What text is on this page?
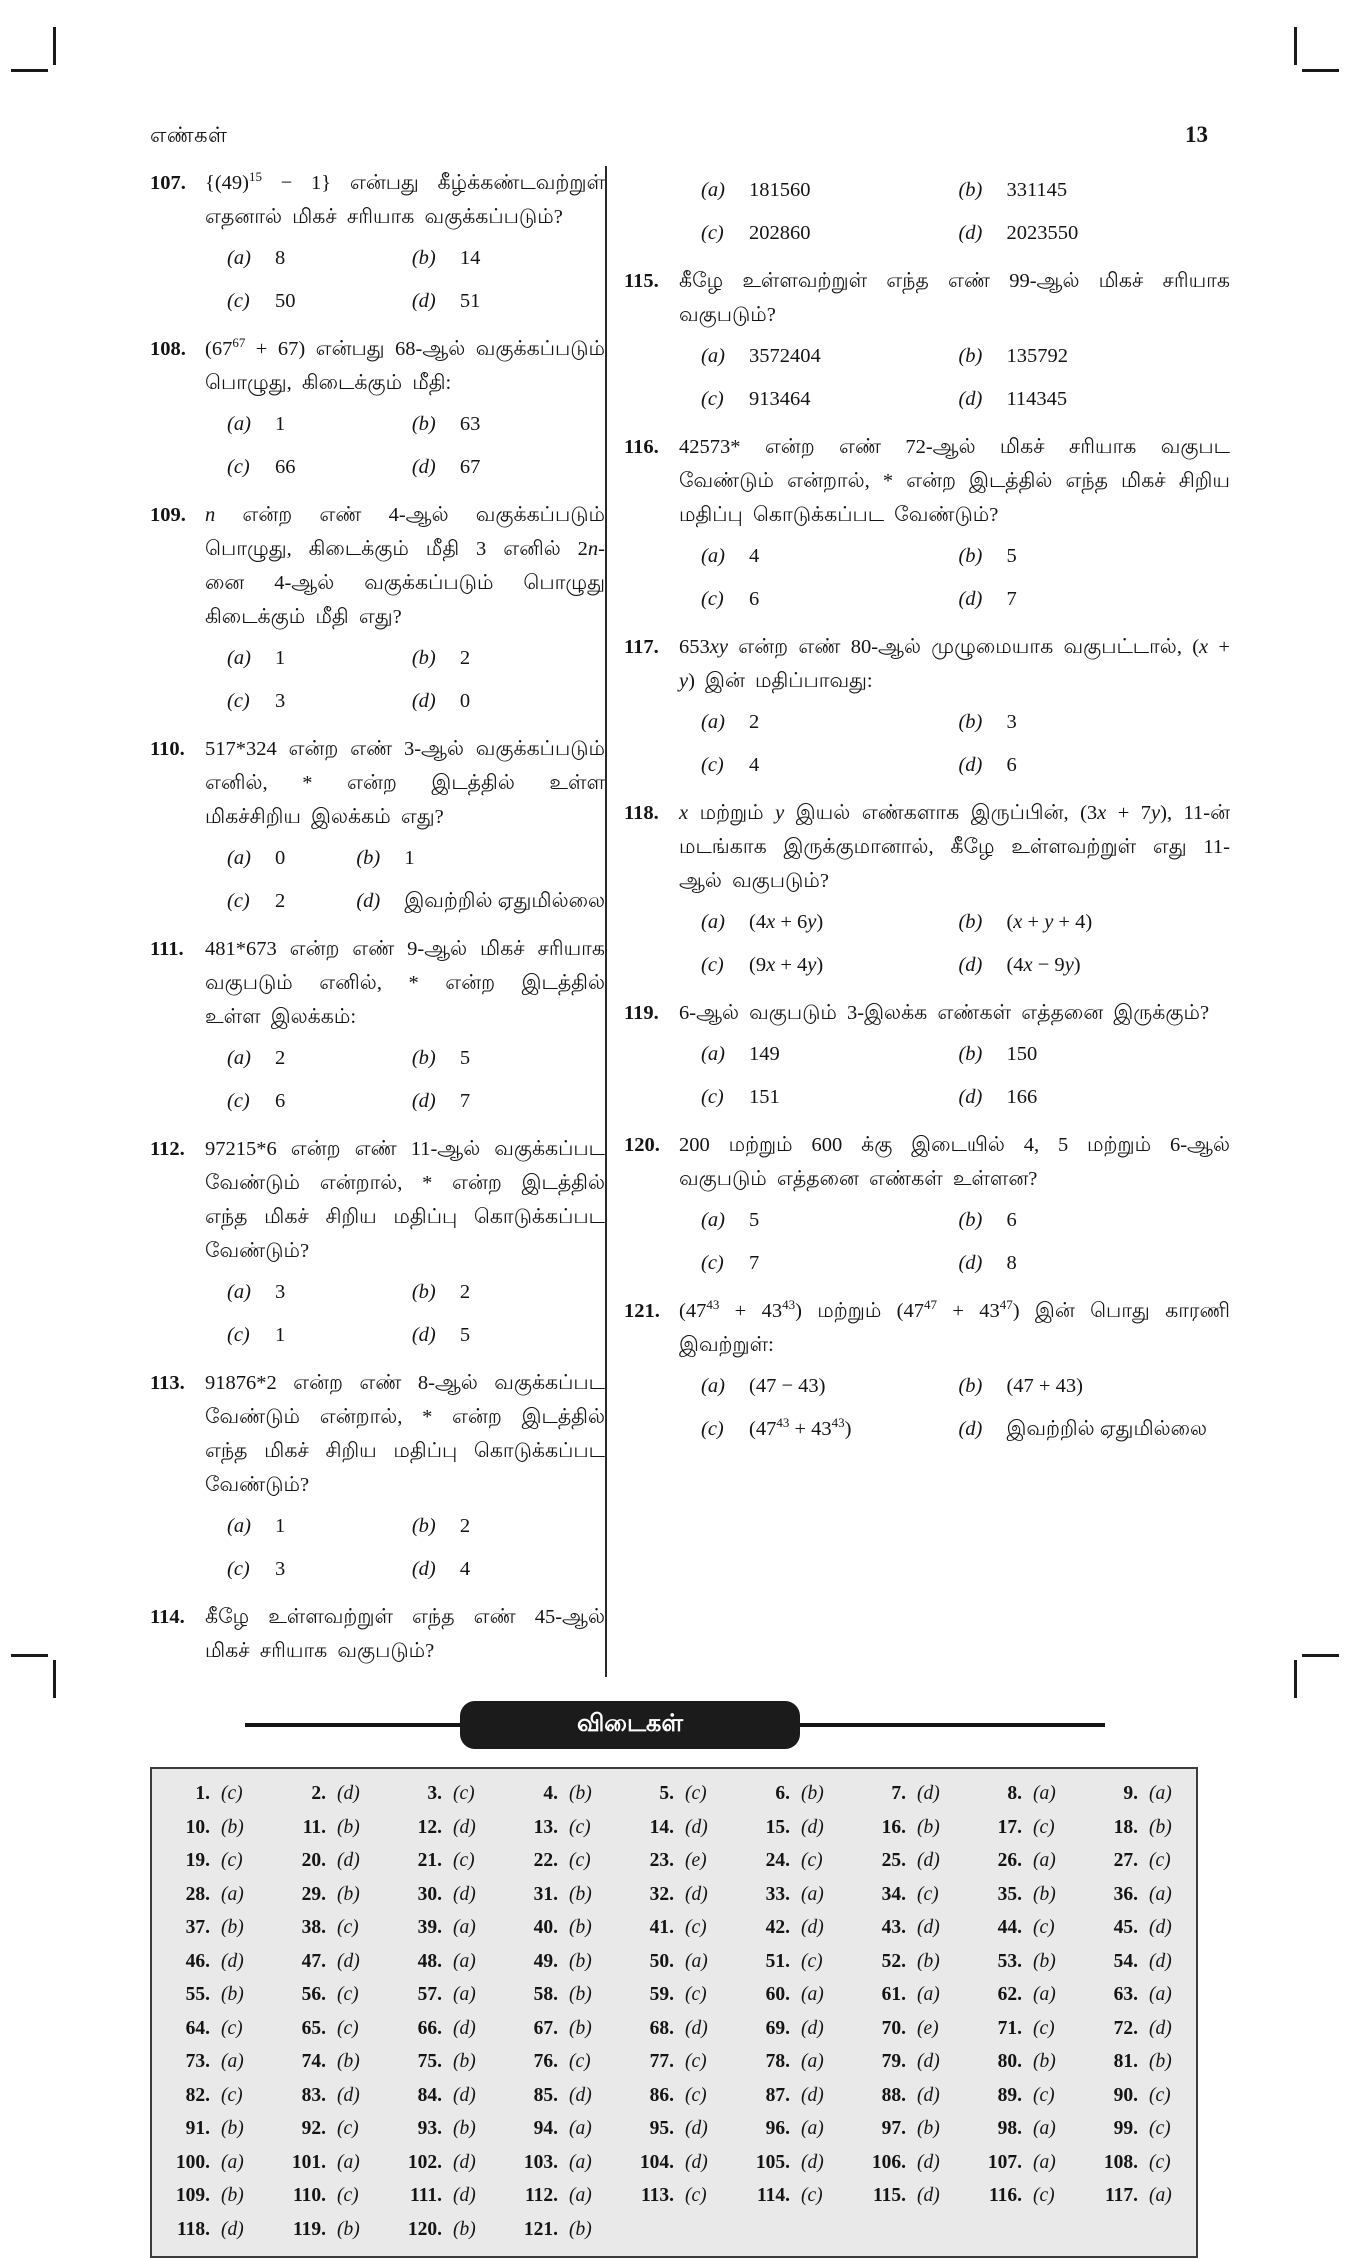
எண்கள்	13
107. $\{(49)^{15} - 1\}$ என்பது கீழ்க்கண்டவற்றுள் எதனால் மிகச் சரியாக வகுக்கப்படும்?
(a)	8	(b)	14
(c)	50	(d)	51
108. $(67^{67} + 67)$ என்பது 68-ஆல் வகுக்கப்படும் பொழுது, கிடைக்கும் மீதி:
(a)	1	(b)	63
(c)	66	(d)	67
109. n என்ற எண் 4-ஆல் வகுக்கப்படும் பொழுது, கிடைக்கும் மீதி 3 எனில் 2n-னை 4-ஆல் வகுக்கப்படும் பொழுது கிடைக்கும் மீதி எது?
(a)	1	(b)	2
(c)	3	(d)	0
110. 517*324 என்ற எண் 3-ஆல் வகுக்கப்படும் எனில், * என்ற இடத்தில் உள்ள மிகச்சிறிய இலக்கம் எது?
(a)	0	(b)	1
(c)	2	(d)	இவற்றில் ஏதுமில்லை
111.	481*673 என்ற எண் 9-ஆல் மிகச் சரியாக வகுபடும் எனில், * என்ற இடத்தில் உள்ள இலக்கம்:
(a)	2	(b)	5
(c)	6	(d)	7
112. 97215*6 என்ற எண் 11-ஆல் வகுக்கப்பட வேண்டும் என்றால், * என்ற இடத்தில் எந்த மிகச் சிறிய மதிப்பு கொடுக்கப்பட வேண்டும்?
(a)	3	(b)	2
(c)	1	(d)	5
113. 91876*2 என்ற எண் 8-ஆல் வகுக்கப்பட வேண்டும் என்றால், * என்ற இடத்தில் எந்த மிகச் சிறிய மதிப்பு கொடுக்கப்பட வேண்டும்?
(a)	1	(b)	2
(c)	3	(d)	4
114. கீழே உள்ளவற்றுள் எந்த எண் 45-ஆல் மிகச் சரியாக வகுபடும்?
(a)	181560	(b)	331145
(c)	202860	(d)	2023550
115. கீழே உள்ளவற்றுள் எந்த எண் 99-ஆல் மிகச் சரியாக வகுபடும்?
(a)	3572404	(b)	135792
(c)	913464	(d)	114345
116. 42573* என்ற எண் 72-ஆல் மிகச் சரியாக வகுபட வேண்டும் என்றால், * என்ற இடத்தில் எந்த மிகச் சிறிய மதிப்பு கொடுக்கப்பட வேண்டும்?
(a)	4	(b)	5
(c)	6	(d)	7
117. 653xy என்ற எண் 80-ஆல் முழுமையாக வகுபட்டால், (x + y) இன் மதிப்பாவது:
(a)	2	(b)	3
(c)	4	(d)	6
118. x மற்றும் y இயல் எண்களாக இருப்பின், (3x + 7y), 11-ன் மடங்காக இருக்குமானால், கீழே உள்ளவற்றுள் எது 11-ஆல் வகுபடும்?
(a)	(4x + 6y)	(b)	(x + y + 4)
(c)	(9x + 4y)	(d)	(4x − 9y)
119. 6-ஆல் வகுபடும் 3-இலக்க எண்கள் எத்தனை இருக்கும்?
(a)	149	(b)	150
(c)	151	(d)	166
120. 200 மற்றும் 600 க்கு இடையில் 4, 5 மற்றும் 6-ஆல் வகுபடும் எத்தனை எண்கள் உள்ளன?
(a)	5	(b)	6
(c)	7	(d)	8
121. $(47^{43} + 43^{43})$ மற்றும் $(47^{47} + 43^{47})$ இன் பொது காரணி இவற்றுள்:
(a)	(47 − 43)	(b)	(47 + 43)
(c)	$(47^{43} + 43^{43})$	(d)	இவற்றில் ஏதுமில்லை
விடைகள்
1. (c)	2. (d)	3. (c)	4. (b)	5. (c)	6. (b)	7. (d)	8. (a)	9. (a)
10. (b)	11. (b)	12. (d)	13. (c)	14. (d)	15. (d)	16. (b)	17. (c)	18. (b)
19. (c)	20. (d)	21. (c)	22. (c)	23. (e)	24. (c)	25. (d)	26. (a)	27. (c)
28. (a)	29. (b)	30. (d)	31. (b)	32. (d)	33. (a)	34. (c)	35. (b)	36. (a)
37. (b)	38. (c)	39. (a)	40. (b)	41. (c)	42. (d)	43. (d)	44. (c)	45. (d)
46. (d)	47. (d)	48. (a)	49. (b)	50. (a)	51. (c)	52. (b)	53. (b)	54. (d)
55. (b)	56. (c)	57. (a)	58. (b)	59. (c)	60. (a)	61. (a)	62. (a)	63. (a)
64. (c)	65. (c)	66. (d)	67. (b)	68. (d)	69. (d)	70. (e)	71. (c)	72. (d)
73. (a)	74. (b)	75. (b)	76. (c)	77. (c)	78. (a)	79. (d)	80. (b)	81. (b)
82. (c)	83. (d)	84. (d)	85. (d)	86. (c)	87. (d)	88. (d)	89. (c)	90. (c)
91. (b)	92. (c)	93. (b)	94. (a)	95. (d)	96. (a)	97. (b)	98. (a)	99. (c)
100. (a)	101. (a)	102. (d)	103. (a)	104. (d)	105. (d)	106. (d)	107. (a)	108. (c)
109. (b)	110. (c)	111. (d)	112. (a)	113. (c)	114. (c)	115. (d)	116. (c)	117. (a)
118. (d)	119. (b)	120. (b)	121. (b)
